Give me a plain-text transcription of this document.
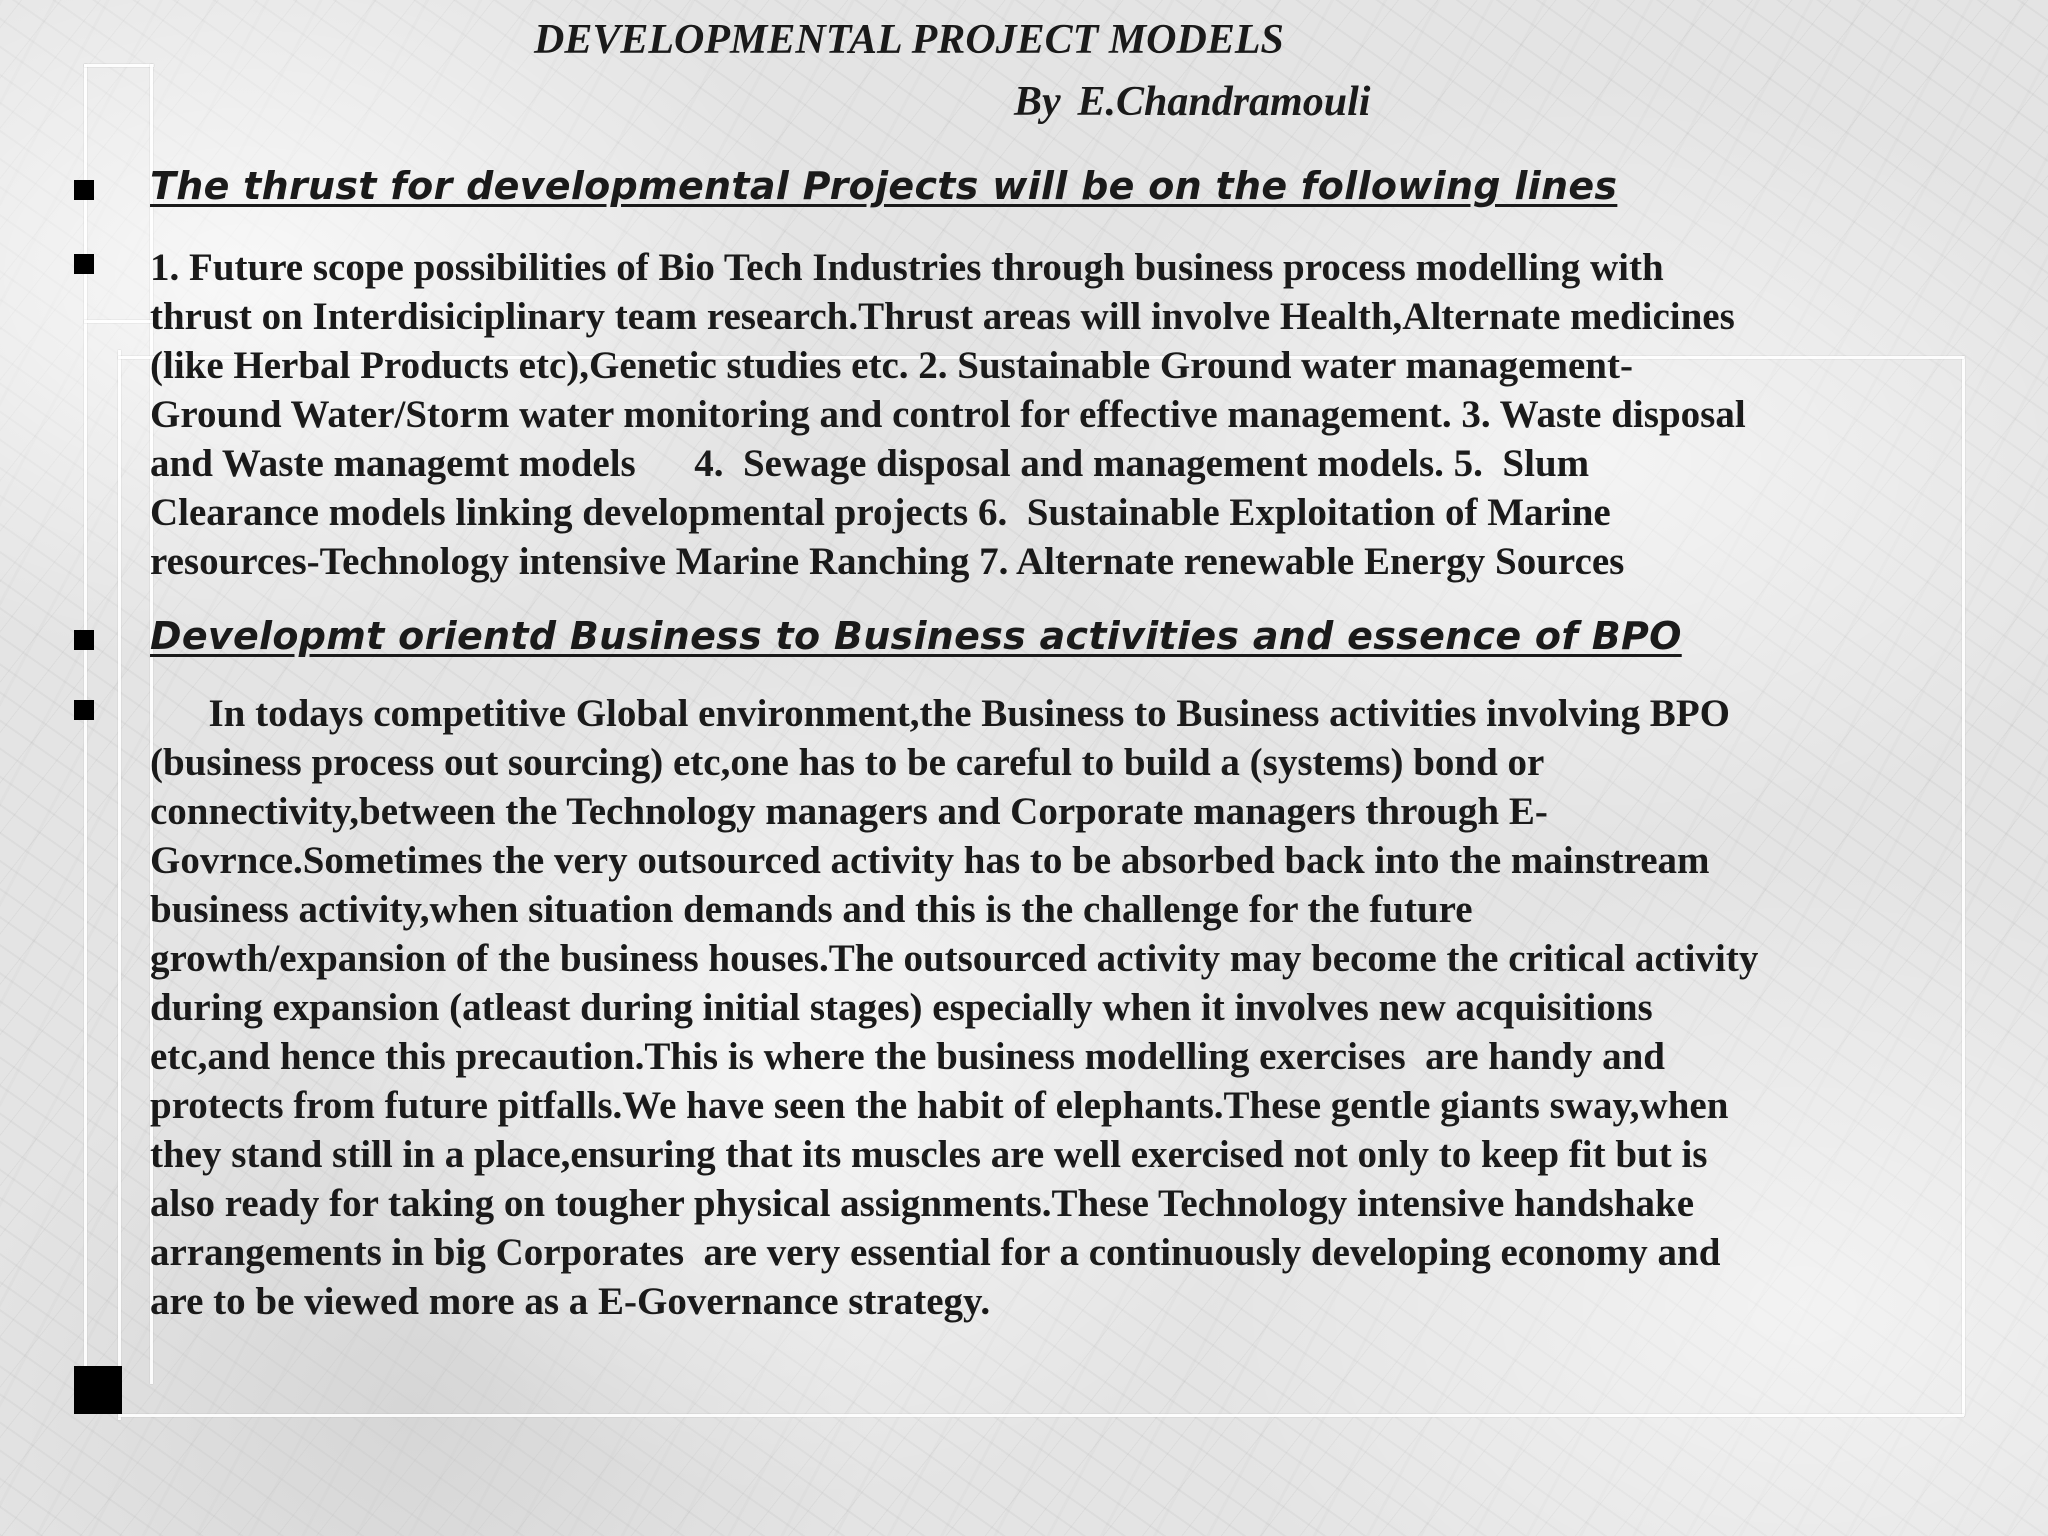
DEVELOPMENTAL PROJECT MODELS
By E.Chandramouli
The thrust for developmental Projects will be on the following lines
1. Future scope possibilities of Bio Tech Industries through business process modelling with
thrust on Interdisiciplinary team research.Thrust areas will involve Health,Alternate medicines
(like Herbal Products etc),Genetic studies etc. 2. Sustainable Ground water management-
Ground Water/Storm water monitoring and control for effective management. 3. Waste disposal
and Waste managemt models      4.  Sewage disposal and management models. 5.  Slum
Clearance models linking developmental projects 6.  Sustainable Exploitation of Marine
resources-Technology intensive Marine Ranching 7. Alternate renewable Energy Sources
Developmt orientd Business to Business activities and essence of BPO
In todays competitive Global environment,the Business to Business activities involving BPO
(business process out sourcing) etc,one has to be careful to build a (systems) bond or
connectivity,between the Technology managers and Corporate managers through E-
Govrnce.Sometimes the very outsourced activity has to be absorbed back into the mainstream
business activity,when situation demands and this is the challenge for the future
growth/expansion of the business houses.The outsourced activity may become the critical activity
during expansion (atleast during initial stages) especially when it involves new acquisitions
etc,and hence this precaution.This is where the business modelling exercises  are handy and
protects from future pitfalls.We have seen the habit of elephants.These gentle giants sway,when
they stand still in a place,ensuring that its muscles are well exercised not only to keep fit but is
also ready for taking on tougher physical assignments.These Technology intensive handshake
arrangements in big Corporates  are very essential for a continuously developing economy and
are to be viewed more as a E-Governance strategy.
